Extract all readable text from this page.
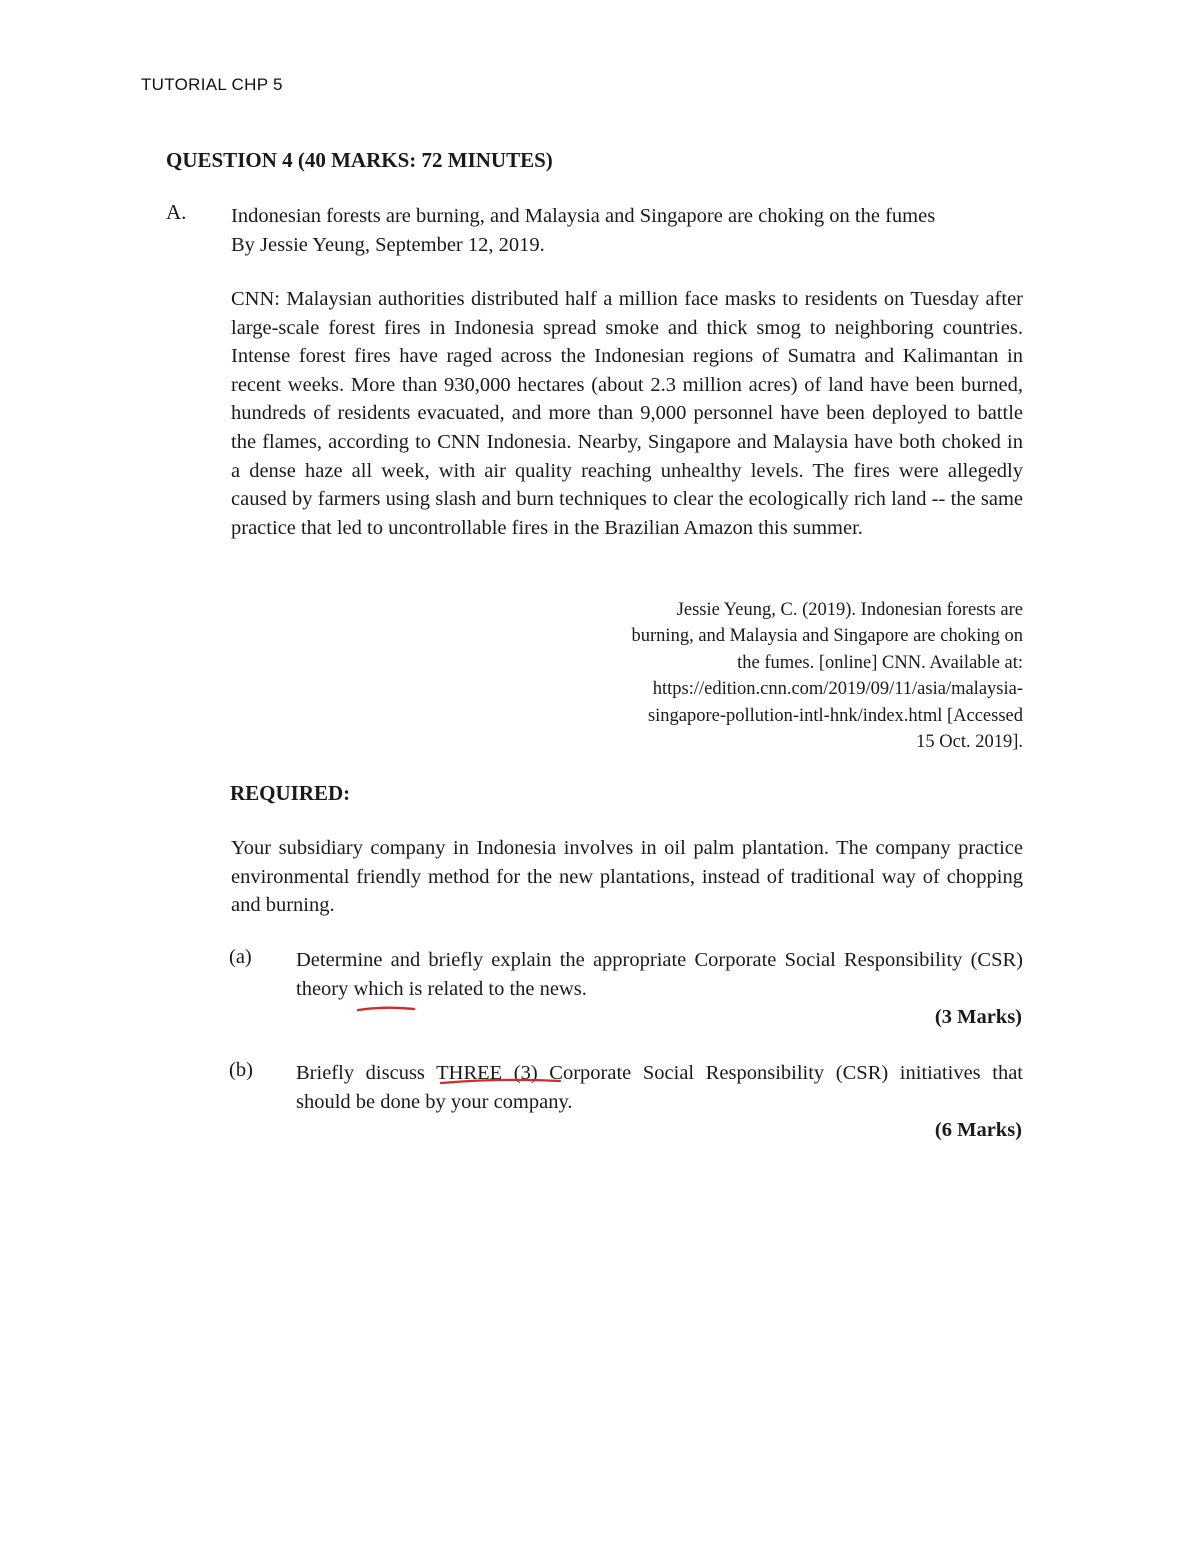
TUTORIAL CHP 5
QUESTION 4 (40 MARKS: 72 MINUTES)
A. Indonesian forests are burning, and Malaysia and Singapore are choking on the fumes
By Jessie Yeung, September 12, 2019.
CNN: Malaysian authorities distributed half a million face masks to residents on Tuesday after large-scale forest fires in Indonesia spread smoke and thick smog to neighboring countries. Intense forest fires have raged across the Indonesian regions of Sumatra and Kalimantan in recent weeks. More than 930,000 hectares (about 2.3 million acres) of land have been burned, hundreds of residents evacuated, and more than 9,000 personnel have been deployed to battle the flames, according to CNN Indonesia. Nearby, Singapore and Malaysia have both choked in a dense haze all week, with air quality reaching unhealthy levels. The fires were allegedly caused by farmers using slash and burn techniques to clear the ecologically rich land -- the same practice that led to uncontrollable fires in the Brazilian Amazon this summer.
Jessie Yeung, C. (2019). Indonesian forests are
burning, and Malaysia and Singapore are choking on
the fumes. [online] CNN. Available at:
https://edition.cnn.com/2019/09/11/asia/malaysia-
singapore-pollution-intl-hnk/index.html [Accessed
15 Oct. 2019].
REQUIRED:
Your subsidiary company in Indonesia involves in oil palm plantation. The company practice environmental friendly method for the new plantations, instead of traditional way of chopping and burning.
(a) Determine and briefly explain the appropriate Corporate Social Responsibility (CSR) theory which is related to the news.
(3 Marks)
(b) Briefly discuss THREE (3) Corporate Social Responsibility (CSR) initiatives that should be done by your company.
(6 Marks)
